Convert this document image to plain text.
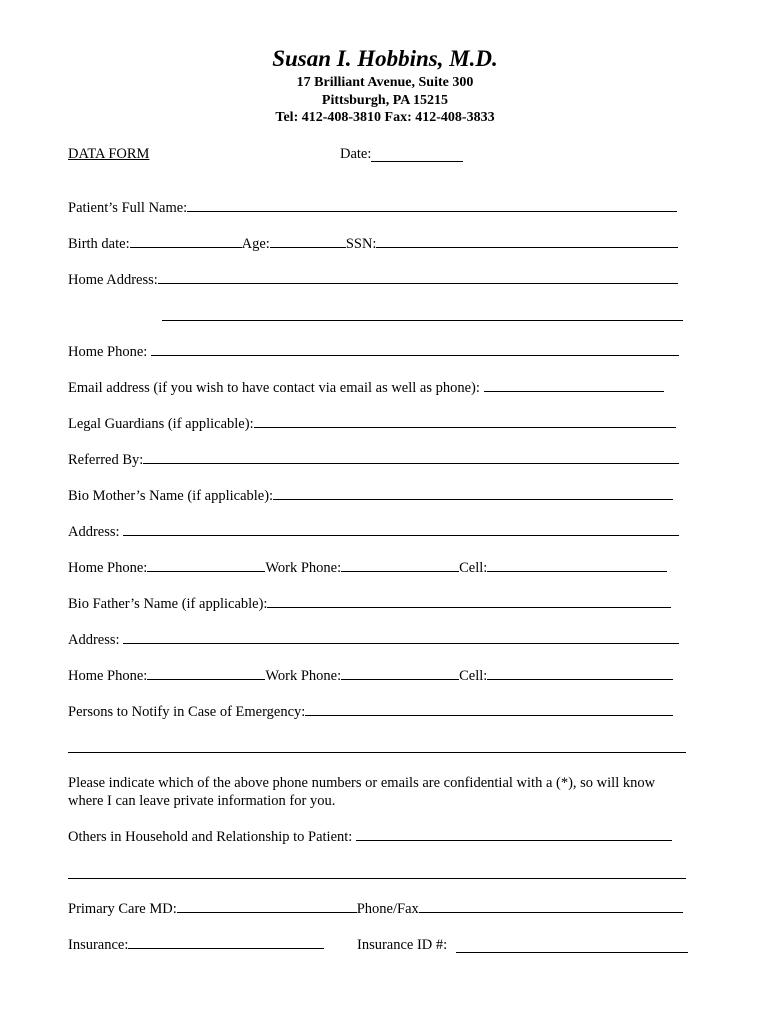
Susan I. Hobbins, M.D.
17 Brilliant Avenue, Suite 300
Pittsburgh, PA 15215
Tel: 412-408-3810 Fax: 412-408-3833
DATA FORM	Date:
Patient’s Full Name:
Birth date:	Age:	SSN:
Home Address:
Home Phone:
Email address (if you wish to have contact via email as well as phone):
Legal Guardians (if applicable):
Referred By:
Bio Mother’s Name (if applicable):
Address:
Home Phone:	Work Phone:	Cell:
Bio Father’s Name (if applicable):
Address:
Home Phone:	Work Phone:	Cell:
Persons to Notify in Case of Emergency:
Please indicate which of the above phone numbers or emails are confidential with a (*), so will know where I can leave private information for you.
Others in Household and Relationship to Patient:
Primary Care MD:	Phone/Fax
Insurance:	Insurance ID #:
